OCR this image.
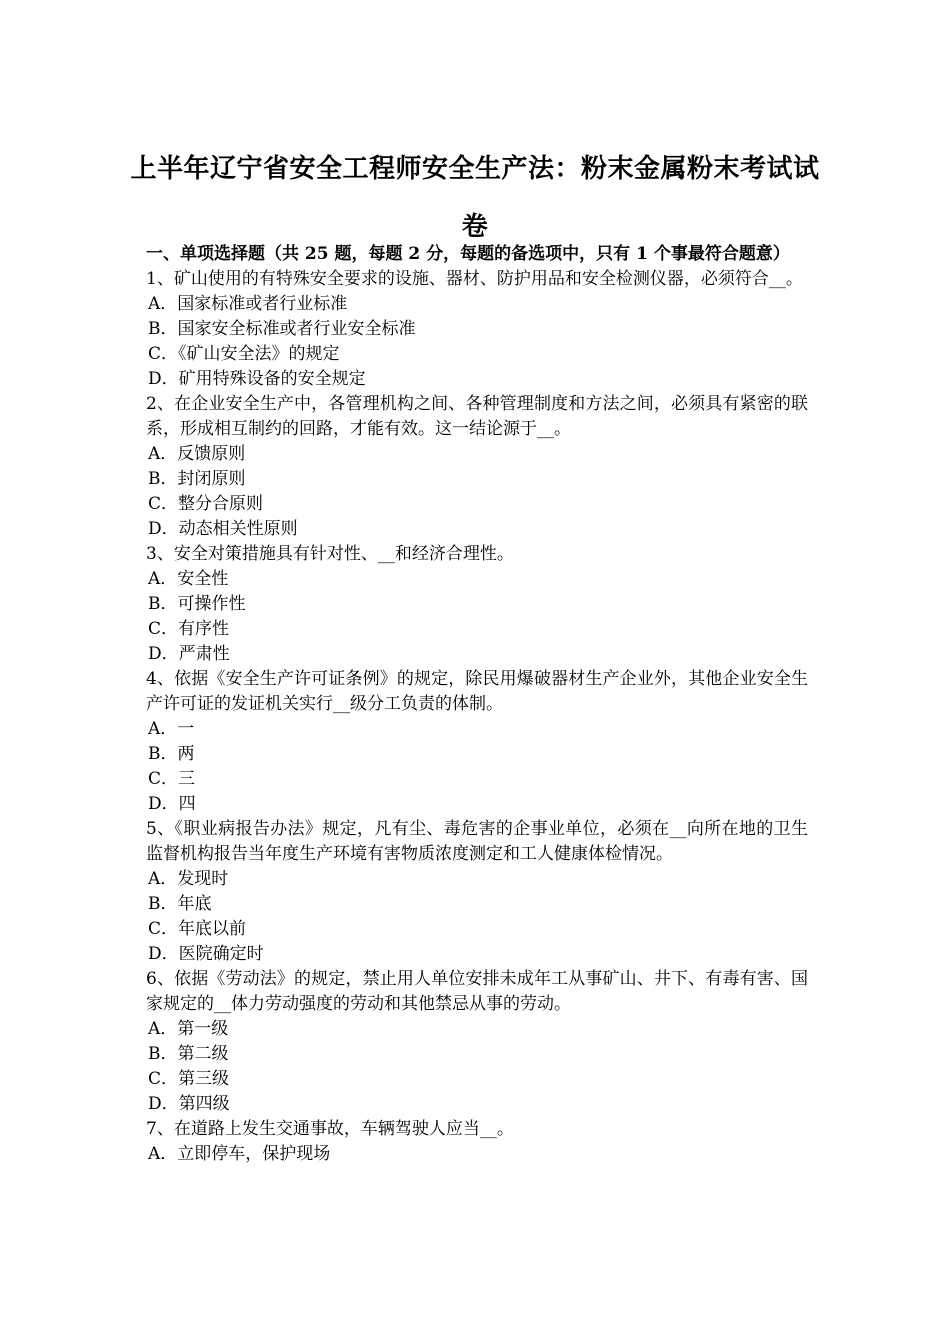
上半年辽宁省安全工程师安全生产法：粉末金属粉末考试试卷
一、单项选择题（共 25 题，每题 2 分，每题的备选项中，只有 1 个事最符合题意）
1、矿山使用的有特殊安全要求的设施、器材、防护用品和安全检测仪器，必须符合__。
A．国家标准或者行业标准
B．国家安全标准或者行业安全标准
C．《矿山安全法》的规定
D．矿用特殊设备的安全规定
2、在企业安全生产中，各管理机构之间、各种管理制度和方法之间，必须具有紧密的联系，形成相互制约的回路，才能有效。这一结论源于__。
A．反馈原则
B．封闭原则
C．整分合原则
D．动态相关性原则
3、安全对策措施具有针对性、__和经济合理性。
A．安全性
B．可操作性
C．有序性
D．严肃性
4、依据《安全生产许可证条例》的规定，除民用爆破器材生产企业外，其他企业安全生产许可证的发证机关实行__级分工负责的体制。
A．一
B．两
C．三
D．四
5、《职业病报告办法》规定，凡有尘、毒危害的企事业单位，必须在__向所在地的卫生监督机构报告当年度生产环境有害物质浓度测定和工人健康体检情况。
A．发现时
B．年底
C．年底以前
D．医院确定时
6、依据《劳动法》的规定，禁止用人单位安排未成年工从事矿山、井下、有毒有害、国家规定的__体力劳动强度的劳动和其他禁忌从事的劳动。
A．第一级
B．第二级
C．第三级
D．第四级
7、在道路上发生交通事故，车辆驾驶人应当__。
A．立即停车，保护现场
